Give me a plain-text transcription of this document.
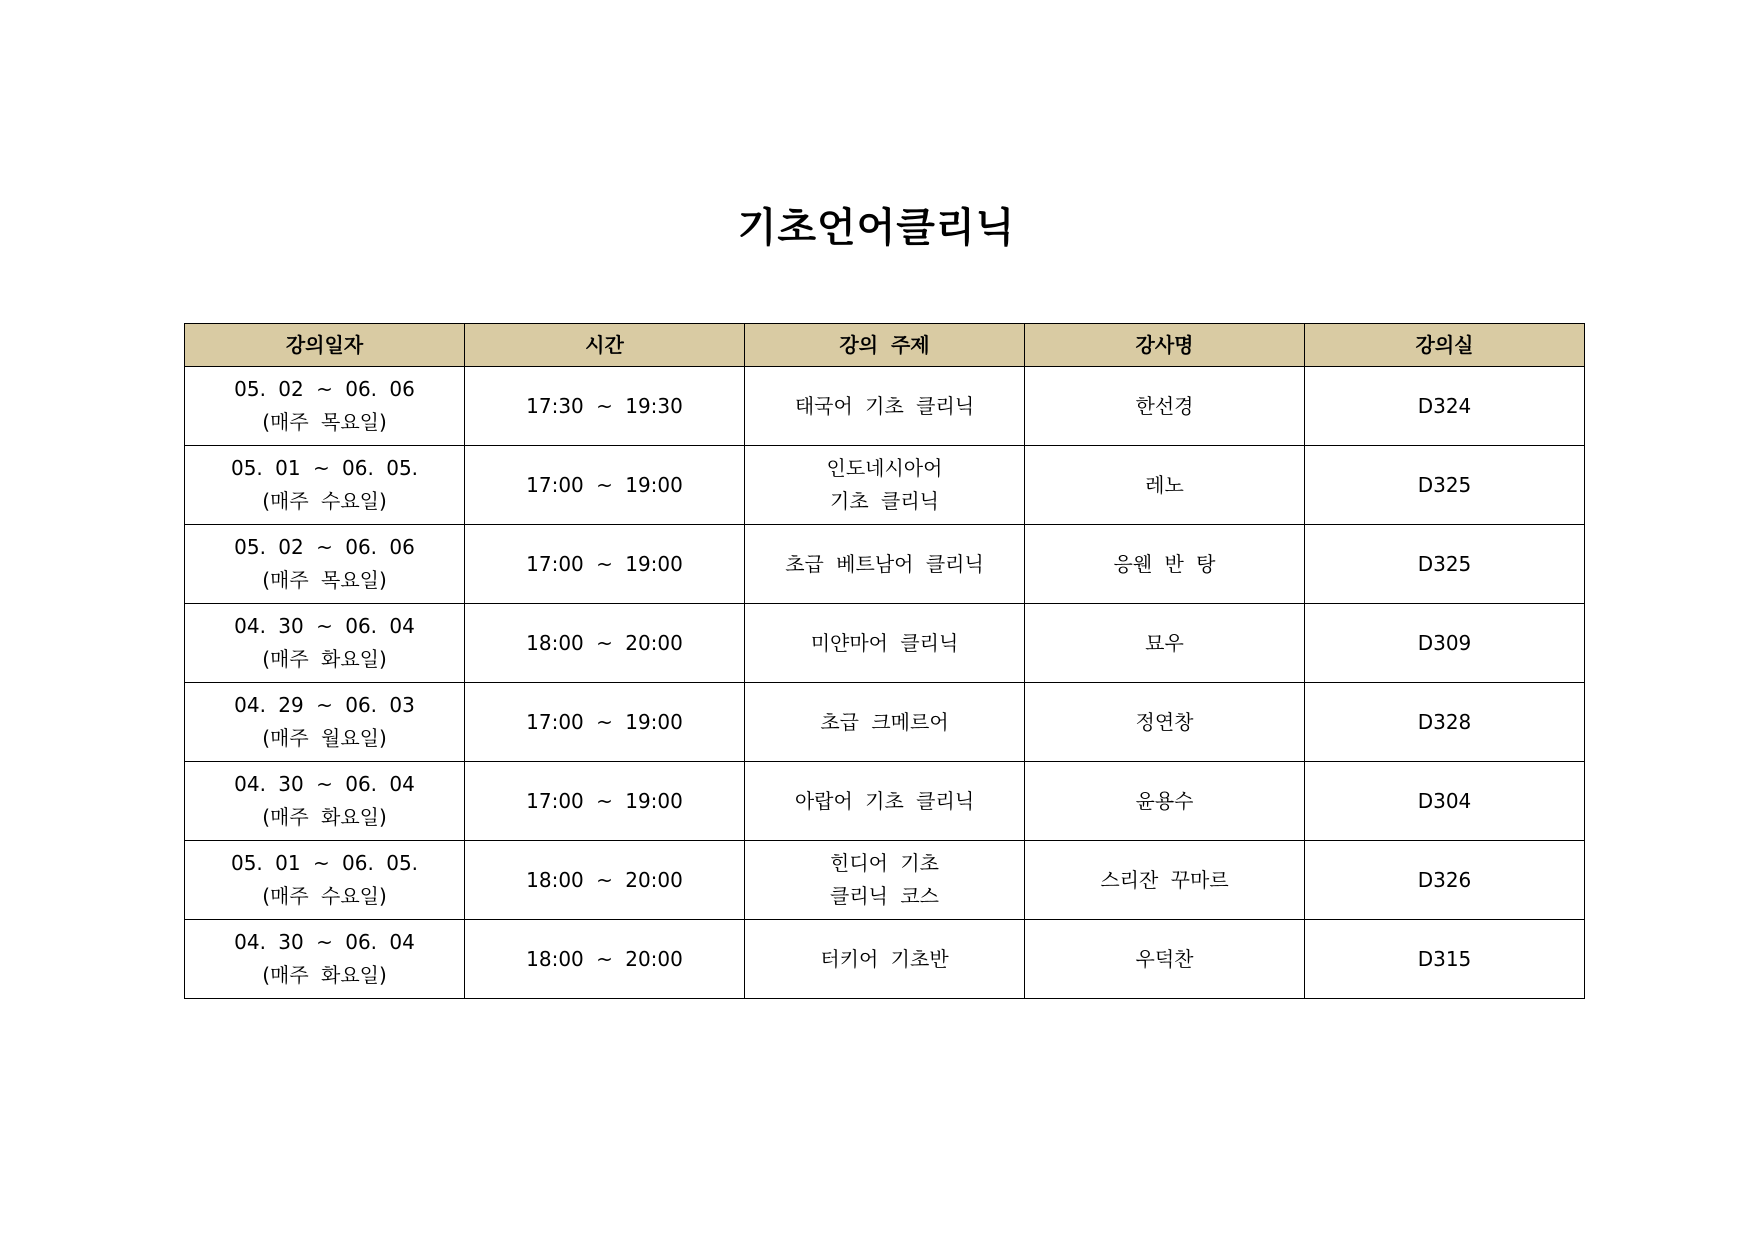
기초언어클리닉
강의일자	시간	강의 주제	강사명	강의실

05. 02 ~ 06. 06
(매주 목요일)	17:30 ~ 19:30	태국어 기초 클리닉	한선경	D324

05. 01 ~ 06. 05.
(매주 수요일)	17:00 ~ 19:00	인도네시아어
기초 클리닉	레노	D325

05. 02 ~ 06. 06
(매주 목요일)	17:00 ~ 19:00	초급 베트남어 클리닉	응웬 반 탕	D325

04. 30 ~ 06. 04
(매주 화요일)	18:00 ~ 20:00	미얀마어 클리닉	묘우	D309

04. 29 ~ 06. 03
(매주 월요일)	17:00 ~ 19:00	초급 크메르어	정연창	D328

04. 30 ~ 06. 04
(매주 화요일)	17:00 ~ 19:00	아랍어 기초 클리닉	윤용수	D304

05. 01 ~ 06. 05.
(매주 수요일)	18:00 ~ 20:00	힌디어 기초
클리닉 코스	스리잔 꾸마르	D326

04. 30 ~ 06. 04
(매주 화요일)	18:00 ~ 20:00	터키어 기초반	우덕찬	D315
